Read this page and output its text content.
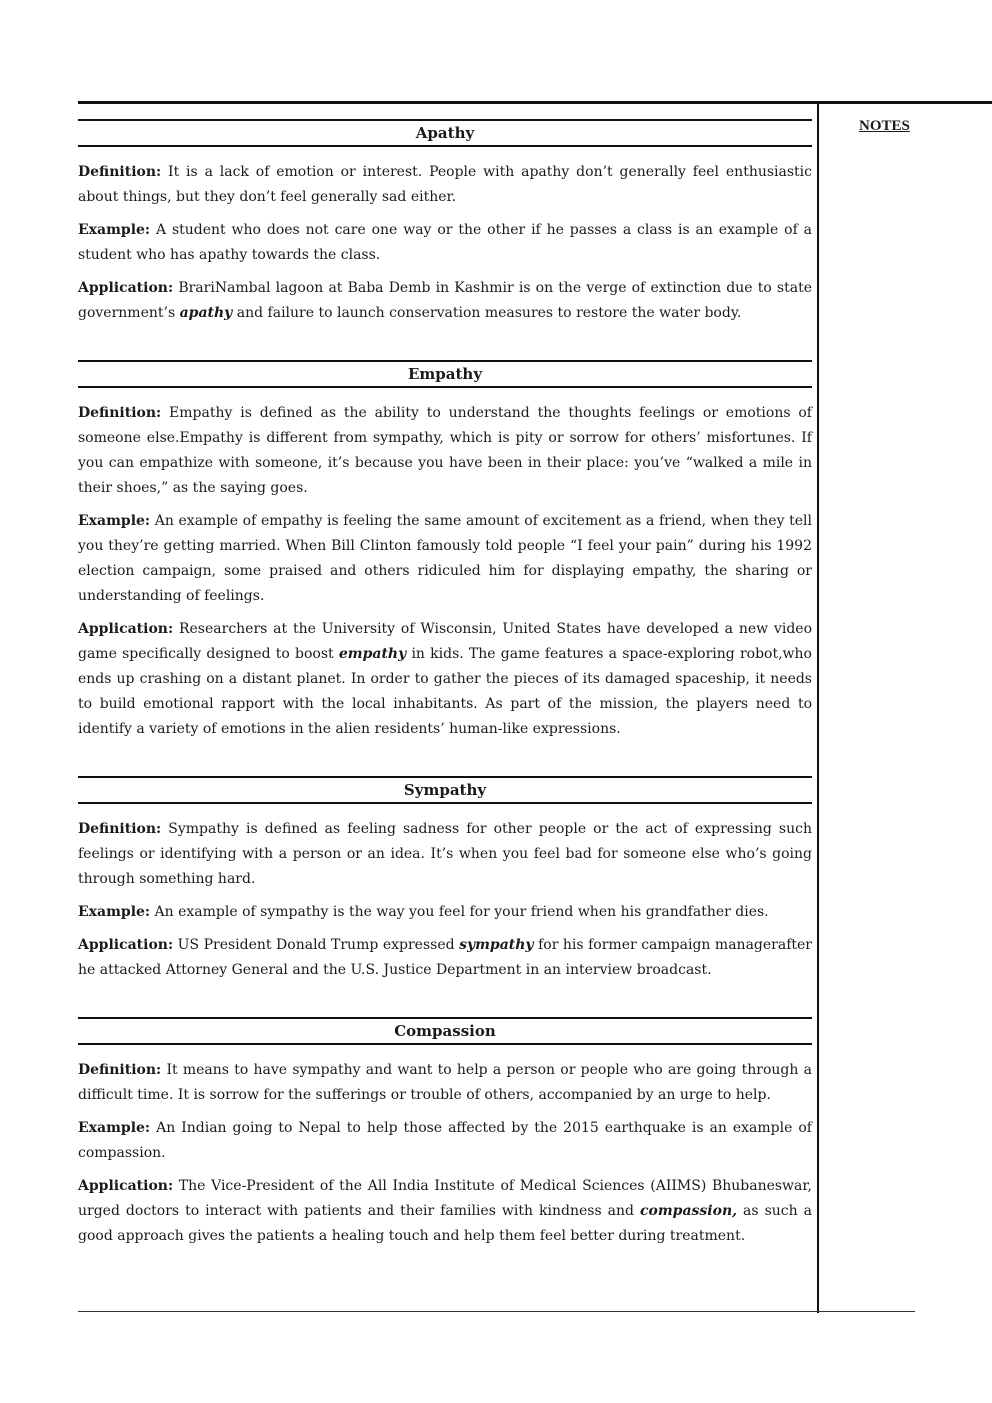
NOTES
Apathy

Definition: It is a lack of emotion or interest. People with apathy don’t generally feel enthusiastic about things, but they don’t feel generally sad either.

Example: A student who does not care one way or the other if he passes a class is an example of a student who has apathy towards the class.

Application: BrariNambal lagoon at Baba Demb in Kashmir is on the verge of extinction due to state government’s apathy and failure to launch conservation measures to restore the water body.

Empathy

Definition: Empathy is defined as the ability to understand the thoughts feelings or emotions of someone else.Empathy is different from sympathy, which is pity or sorrow for others’ misfortunes. If you can empathize with someone, it’s because you have been in their place: you’ve “walked a mile in their shoes,” as the saying goes.

Example: An example of empathy is feeling the same amount of excitement as a friend, when they tell you they’re getting married. When Bill Clinton famously told people “I feel your pain” during his 1992 election campaign, some praised and others ridiculed him for displaying empathy, the sharing or understanding of feelings.

Application: Researchers at the University of Wisconsin, United States have developed a new video game specifically designed to boost empathy in kids. The game features a space-exploring robot,who ends up crashing on a distant planet. In order to gather the pieces of its damaged spaceship, it needs to build emotional rapport with the local inhabitants. As part of the mission, the players need to identify a variety of emotions in the alien residents’ human-like expressions.

Sympathy

Definition: Sympathy is defined as feeling sadness for other people or the act of expressing such feelings or identifying with a person or an idea. It’s when you feel bad for someone else who’s going through something hard.

Example: An example of sympathy is the way you feel for your friend when his grandfather dies.

Application: US President Donald Trump expressed sympathy for his former campaign managerafter he attacked Attorney General and the U.S. Justice Department in an interview broadcast.

Compassion

Definition: It means to have sympathy and want to help a person or people who are going through a difficult time. It is sorrow for the sufferings or trouble of others, accompanied by an urge to help.

Example: An Indian going to Nepal to help those affected by the 2015 earthquake is an example of compassion.

Application: The Vice-President of the All India Institute of Medical Sciences (AIIMS) Bhubaneswar, urged doctors to interact with patients and their families with kindness and compassion, as such a good approach gives the patients a healing touch and help them feel better during treatment.
